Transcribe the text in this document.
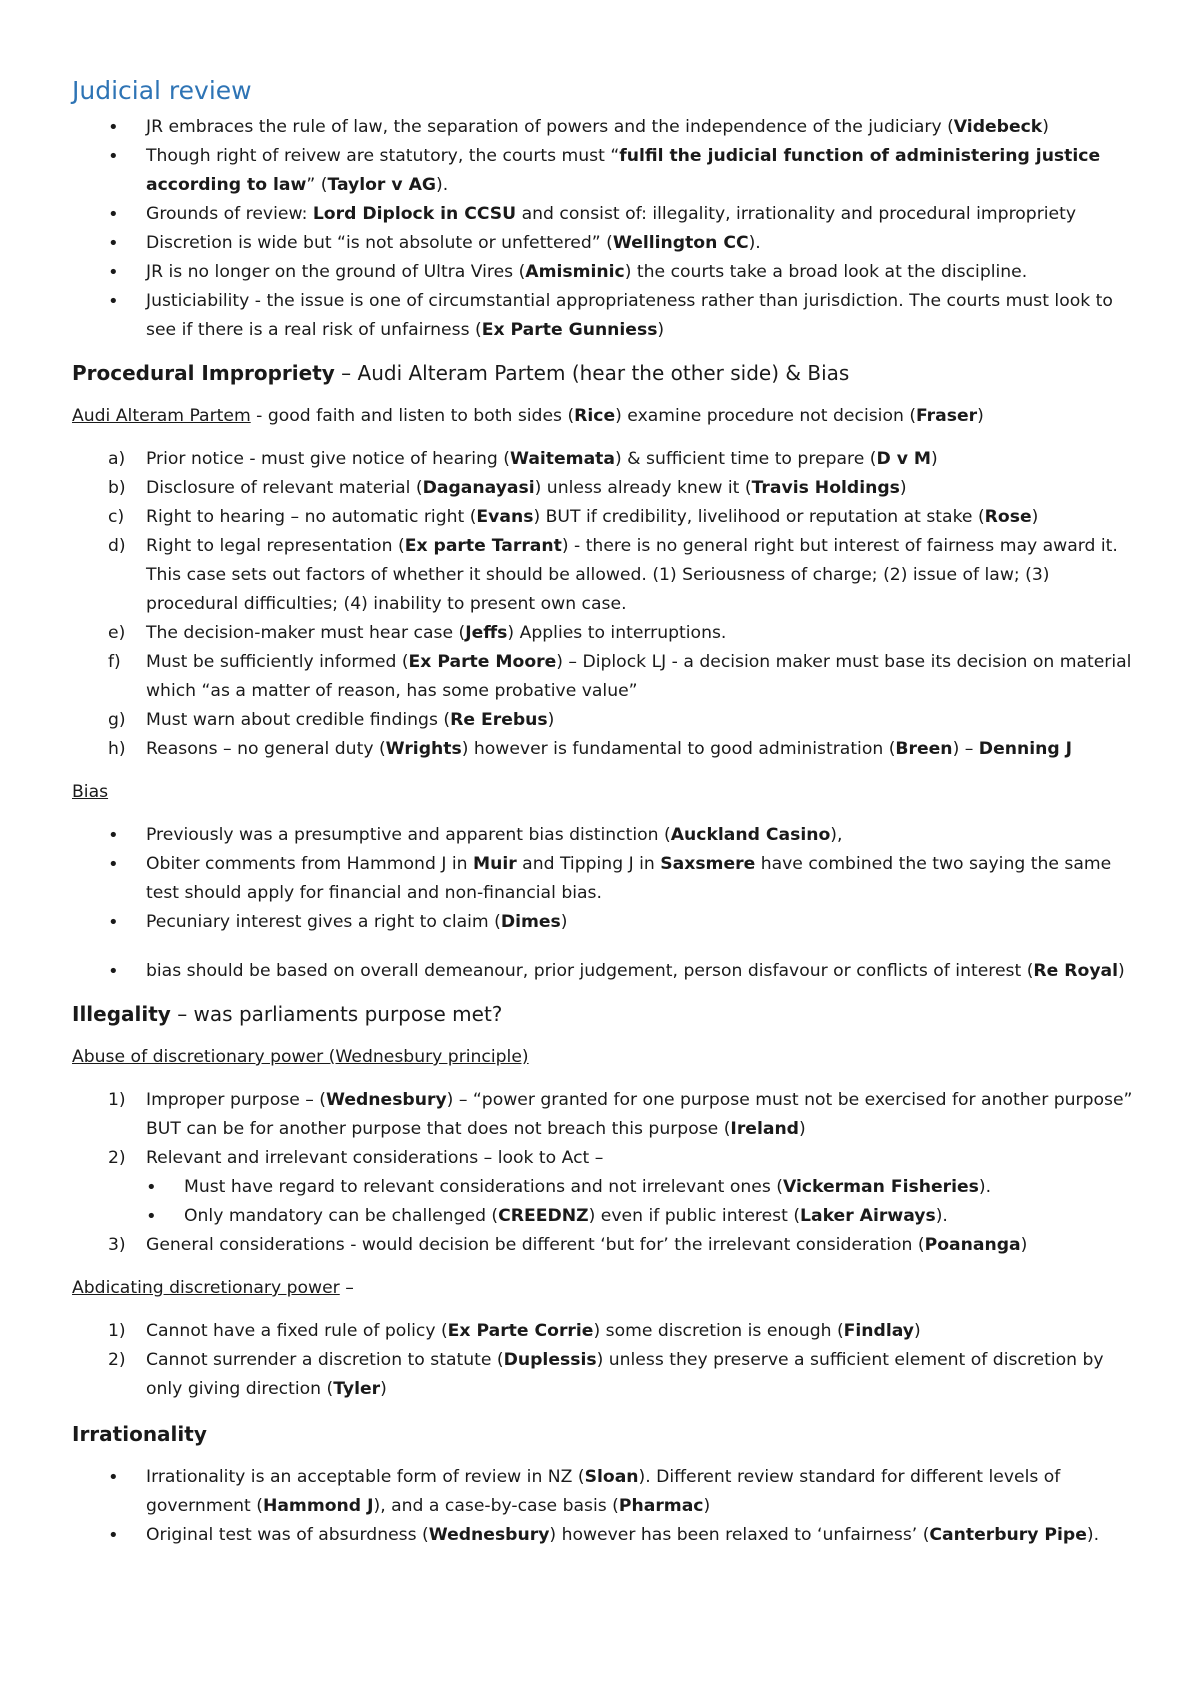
Judicial review
• JR embraces the rule of law, the separation of powers and the independence of the judiciary (Videbeck)
• Though right of reivew are statutory, the courts must “fulfil the judicial function of administering justice according to law” (Taylor v AG).
• Grounds of review: Lord Diplock in CCSU and consist of: illegality, irrationality and procedural impropriety
• Discretion is wide but “is not absolute or unfettered” (Wellington CC).
• JR is no longer on the ground of Ultra Vires (Amisminic) the courts take a broad look at the discipline.
• Justiciability - the issue is one of circumstantial appropriateness rather than jurisdiction. The courts must look to see if there is a real risk of unfairness (Ex Parte Gunniess)

Procedural Impropriety – Audi Alteram Partem (hear the other side) & Bias

Audi Alteram Partem - good faith and listen to both sides (Rice) examine procedure not decision (Fraser)

a) Prior notice - must give notice of hearing (Waitemata) & sufficient time to prepare (D v M)
b) Disclosure of relevant material (Daganayasi) unless already knew it (Travis Holdings)
c) Right to hearing – no automatic right (Evans) BUT if credibility, livelihood or reputation at stake (Rose)
d) Right to legal representation (Ex parte Tarrant) - there is no general right but interest of fairness may award it. This case sets out factors of whether it should be allowed. (1) Seriousness of charge; (2) issue of law; (3) procedural difficulties; (4) inability to present own case.
e) The decision-maker must hear case (Jeffs) Applies to interruptions.
f) Must be sufficiently informed (Ex Parte Moore) – Diplock LJ - a decision maker must base its decision on material which “as a matter of reason, has some probative value”
g) Must warn about credible findings (Re Erebus)
h) Reasons – no general duty (Wrights) however is fundamental to good administration (Breen) – Denning J

Bias

• Previously was a presumptive and apparent bias distinction (Auckland Casino),
• Obiter comments from Hammond J in Muir and Tipping J in Saxsmere have combined the two saying the same test should apply for financial and non-financial bias.
• Pecuniary interest gives a right to claim (Dimes)
• bias should be based on overall demeanour, prior judgement, person disfavour or conflicts of interest (Re Royal)

Illegality – was parliaments purpose met?

Abuse of discretionary power (Wednesbury principle)

1) Improper purpose – (Wednesbury) – “power granted for one purpose must not be exercised for another purpose” BUT can be for another purpose that does not breach this purpose (Ireland)
2) Relevant and irrelevant considerations – look to Act –
• Must have regard to relevant considerations and not irrelevant ones (Vickerman Fisheries).
• Only mandatory can be challenged (CREEDNZ) even if public interest (Laker Airways).
3) General considerations - would decision be different ‘but for’ the irrelevant consideration (Poananga)

Abdicating discretionary power –

1) Cannot have a fixed rule of policy (Ex Parte Corrie) some discretion is enough (Findlay)
2) Cannot surrender a discretion to statute (Duplessis) unless they preserve a sufficient element of discretion by only giving direction (Tyler)

Irrationality

• Irrationality is an acceptable form of review in NZ (Sloan). Different review standard for different levels of government (Hammond J), and a case-by-case basis (Pharmac)
• Original test was of absurdness (Wednesbury) however has been relaxed to ‘unfairness’ (Canterbury Pipe).
